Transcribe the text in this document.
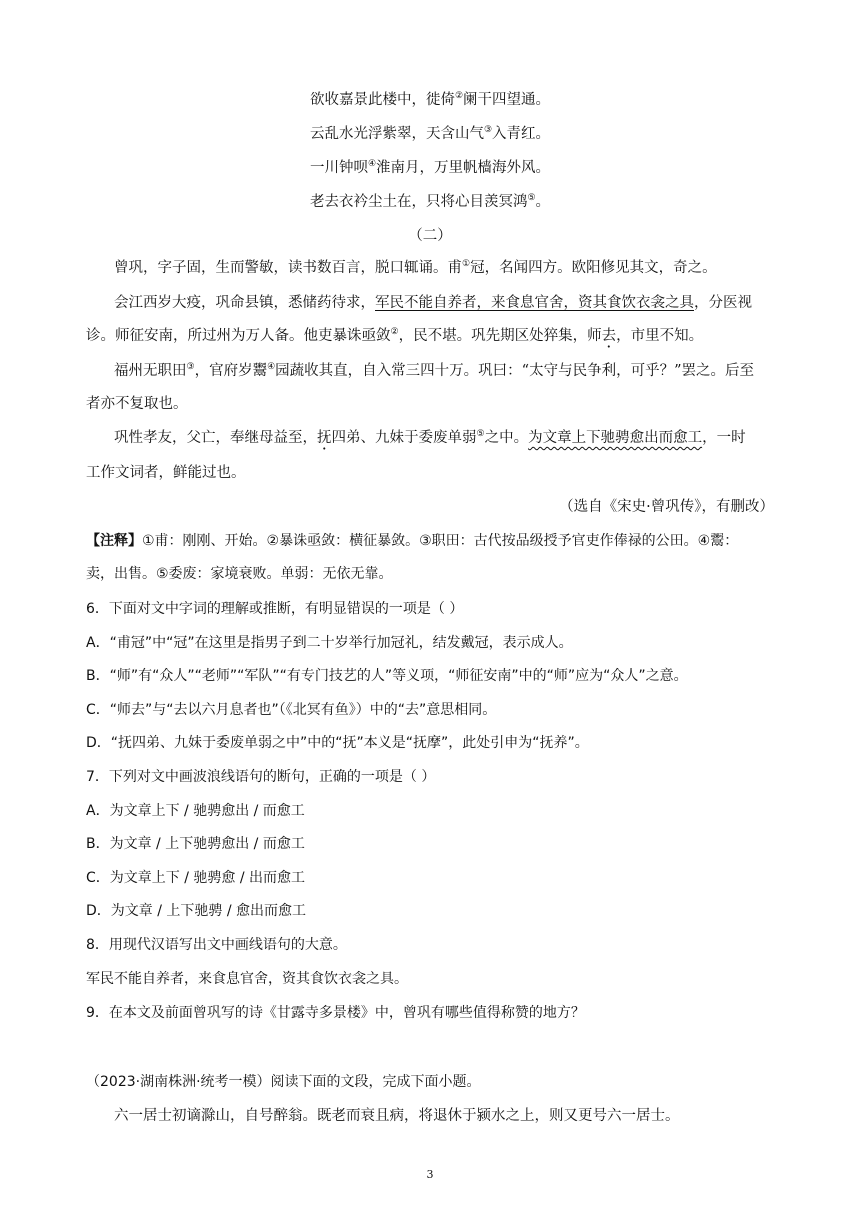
欲收嘉景此楼中，徙倚②阑干四望通。
云乱水光浮紫翠，天含山气③入青红。
一川钟呗④淮南月，万里帆樯海外风。
老去衣衿尘土在，只将心目羡冥鸿⑤。
（二）
曾巩，字子固，生而警敏，读书数百言，脱口辄诵。甫①冠，名闻四方。欧阳修见其文，奇之。
会江西岁大疫，巩命县镇，悉储药待求，军民不能自养者，来食息官舍，资其食饮衣衾之具，分医视
诊。师征安南，所过州为万人备。他吏暴诛亟敛②，民不堪。巩先期区处猝集，师去，市里不知。
福州无职田③，官府岁鬻④园蔬收其直，自入常三四十万。巩曰：“太守与民争利，可乎？”罢之。后至
者亦不复取也。
巩性孝友，父亡，奉继母益至，抚四弟、九妹于委废单弱⑤之中。为文章上下驰骋愈出而愈工，一时
工作文词者，鲜能过也。
（选自《宋史·曾巩传》，有删改）
【注释】①甫：刚刚、开始。②暴诛亟敛：横征暴敛。③职田：古代按品级授予官吏作俸禄的公田。④鬻：
卖，出售。⑤委废：家境衰败。单弱：无依无靠。
6．下面对文中字词的理解或推断，有明显错误的一项是（ ）
A．“甫冠”中“冠”在这里是指男子到二十岁举行加冠礼，结发戴冠，表示成人。
B．“师”有“众人”“老师”“军队”“有专门技艺的人”等义项，“师征安南”中的“师”应为“众人”之意。
C．“师去”与“去以六月息者也”（《北冥有鱼》）中的“去”意思相同。
D．“抚四弟、九妹于委废单弱之中”中的“抚”本义是“抚摩”，此处引申为“抚养”。
7．下列对文中画波浪线语句的断句，正确的一项是（ ）
A．为文章上下 / 驰骋愈出 / 而愈工
B．为文章 / 上下驰骋愈出 / 而愈工
C．为文章上下 / 驰骋愈 / 出而愈工
D．为文章 / 上下驰骋 / 愈出而愈工
8．用现代汉语写出文中画线语句的大意。
军民不能自养者，来食息官舍，资其食饮衣衾之具。
9．在本文及前面曾巩写的诗《甘露寺多景楼》中，曾巩有哪些值得称赞的地方？
（2023·湖南株洲·统考一模）阅读下面的文段，完成下面小题。
六一居士初谪滁山，自号醉翁。既老而衰且病，将退休于颍水之上，则又更号六一居士。
3
